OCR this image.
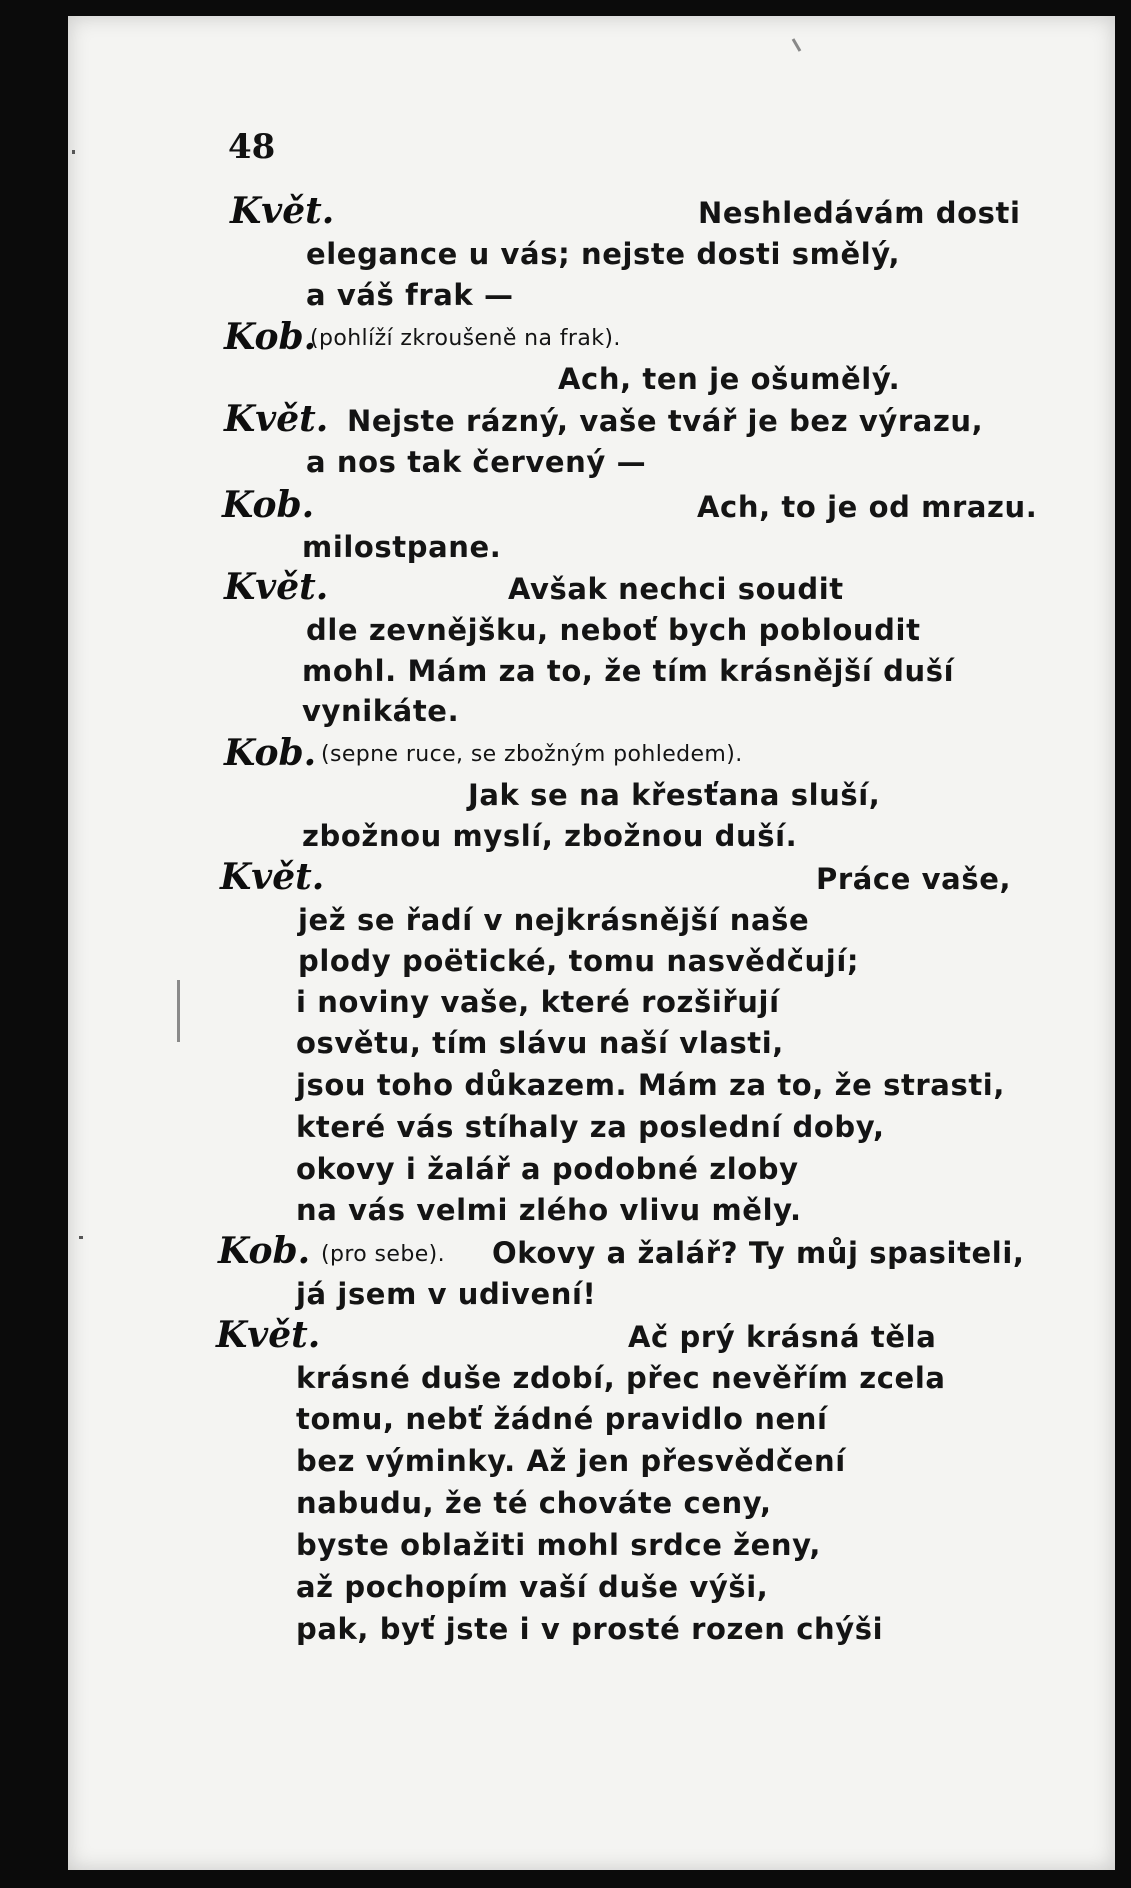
48
Květ.	Neshledávám dosti
elegance u vás; nejste dosti smělý,
a váš frak —
Kob.
(pohlíží zkroušeně na frak).
Ach, ten je ošumělý.
Květ. Nejste rázný, vaše tvář je bez výrazu,
a nos tak červený —
Kob.	Ach, to je od mrazu.
milostpane.
Květ.	Avšak nechci soudit
dle zevnějšku, neboť bych pobloudit
mohl. Mám za to, že tím krásnější duší
vynikáte.
Kob. (sepne ruce, se zbožným pohledem).
Jak se na křesťana sluší,
zbožnou myslí, zbožnou duší.
Květ.	Práce vaše,
jež se řadí v nejkrásnější naše
plody poëtické, tomu nasvědčují;
i noviny vaše, které rozšiřují
osvětu, tím slávu naší vlasti,
jsou toho důkazem. Mám za to, že strasti,
které vás stíhaly za poslední doby,
okovy i žalář a podobné zloby
na vás velmi zlého vlivu měly.
Kob. (pro sebe). Okovy a žalář? Ty můj spasiteli,
já jsem v udivení!
Květ.	Ač prý krásná těla
krásné duše zdobí, přec nevěřím zcela
tomu, nebť žádné pravidlo není
bez výminky. Až jen přesvědčení
nabudu, že té chováte ceny,
byste oblažiti mohl srdce ženy,
až pochopím vaší duše výši,
pak, byť jste i v prosté rozen chýši
